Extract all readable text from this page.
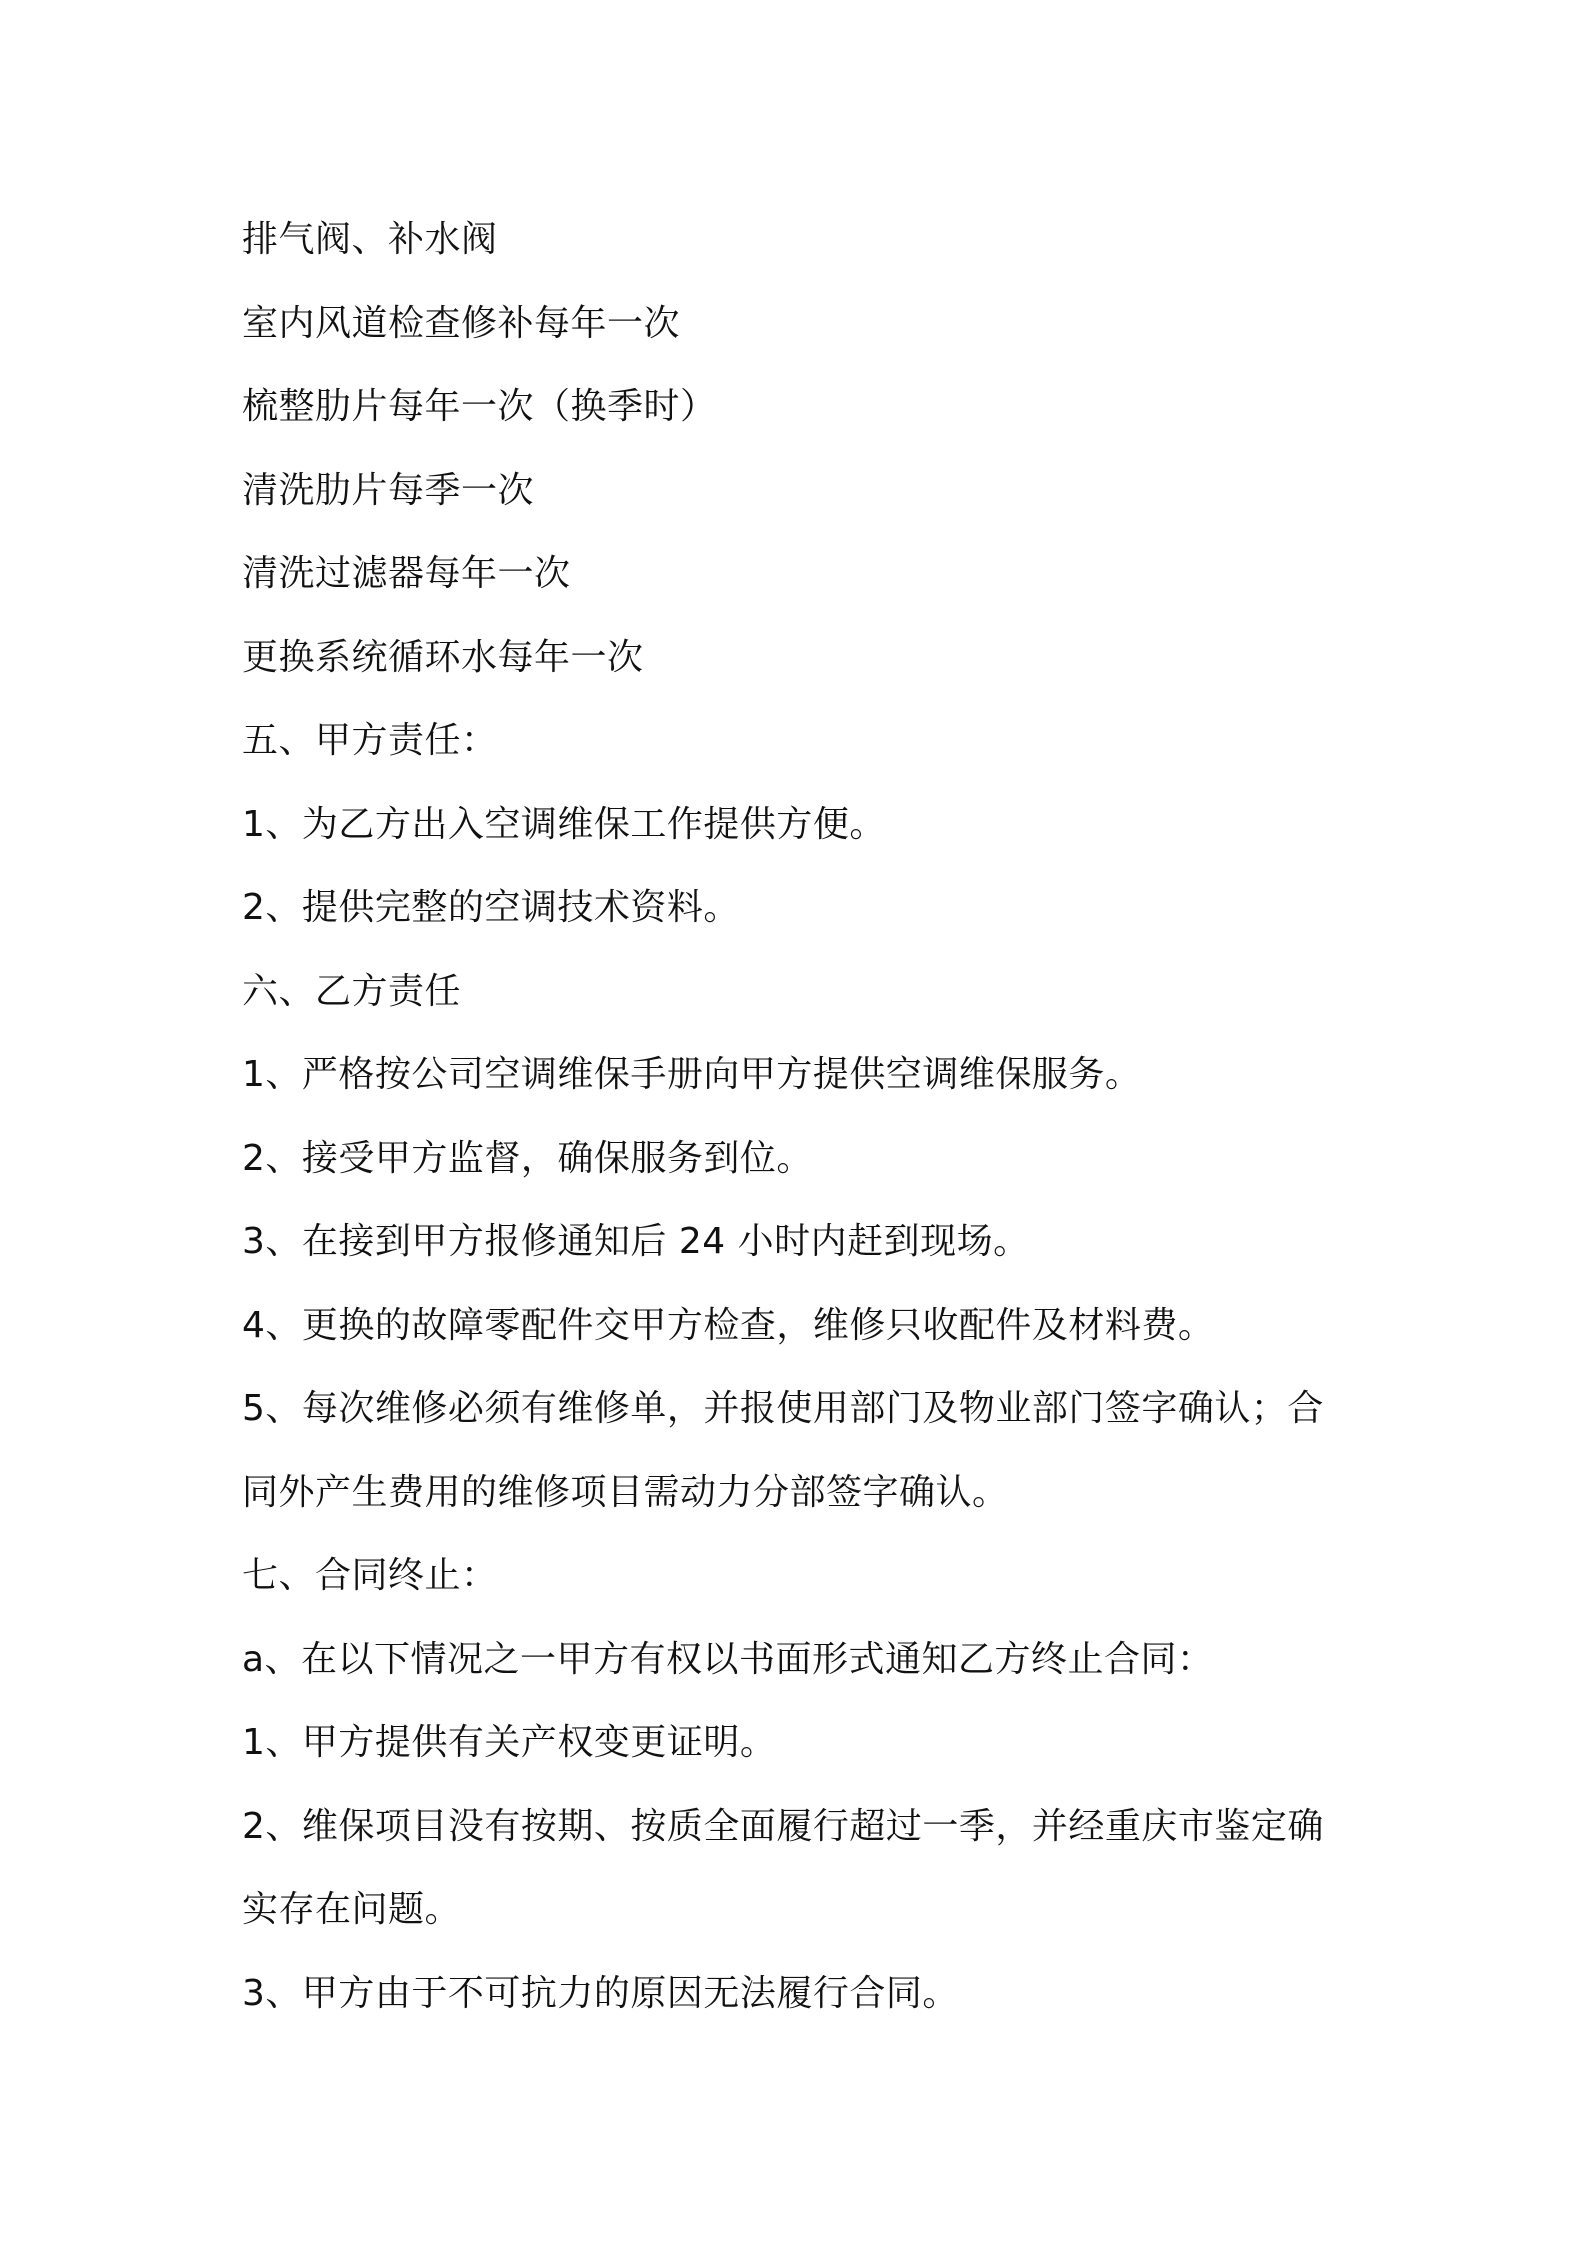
排气阀、补水阀
室内风道检查修补每年一次
梳整肋片每年一次（换季时）
清洗肋片每季一次
清洗过滤器每年一次
更换系统循环水每年一次
五、甲方责任：
1、为乙方出入空调维保工作提供方便。
2、提供完整的空调技术资料。
六、乙方责任
1、严格按公司空调维保手册向甲方提供空调维保服务。
2、接受甲方监督，确保服务到位。
3、在接到甲方报修通知后 24 小时内赶到现场。
4、更换的故障零配件交甲方检查，维修只收配件及材料费。
5、每次维修必须有维修单，并报使用部门及物业部门签字确认；合
同外产生费用的维修项目需动力分部签字确认。
七、合同终止：
a、在以下情况之一甲方有权以书面形式通知乙方终止合同：
1、甲方提供有关产权变更证明。
2、维保项目没有按期、按质全面履行超过一季，并经重庆市鉴定确
实存在问题。
3、甲方由于不可抗力的原因无法履行合同。
